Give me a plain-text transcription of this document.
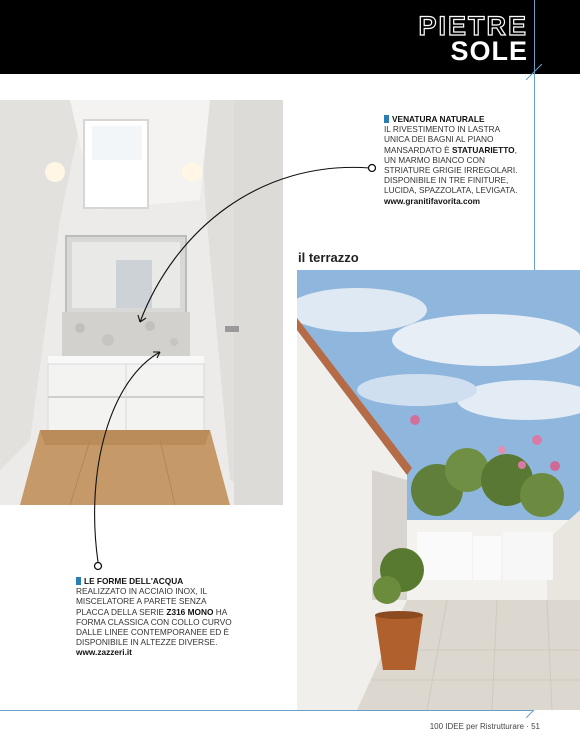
PIETRE
SOLE
VENATURA NATURALE
IL RIVESTIMENTO IN LASTRA
UNICA DEI BAGNI AL PIANO
MANSARDATO È STATUARIETTO,
UN MARMO BIANCO CON
STRIATURE GRIGIE IRREGOLARI.
DISPONIBILE IN TRE FINITURE,
LUCIDA, SPAZZOLATA, LEVIGATA.
www.granitifavorita.com
il terrazzo
LE FORME DELL'ACQUA
REALIZZATO IN ACCIAIO INOX, IL
MISCELATORE A PARETE SENZA
PLACCA DELLA SERIE Z316 MONO HA
FORMA CLASSICA CON COLLO CURVO
DALLE LINEE CONTEMPORANEE ED È
DISPONIBILE IN ALTEZZE DIVERSE.
www.zazzeri.it
100 IDEE per Ristrutturare · 51
